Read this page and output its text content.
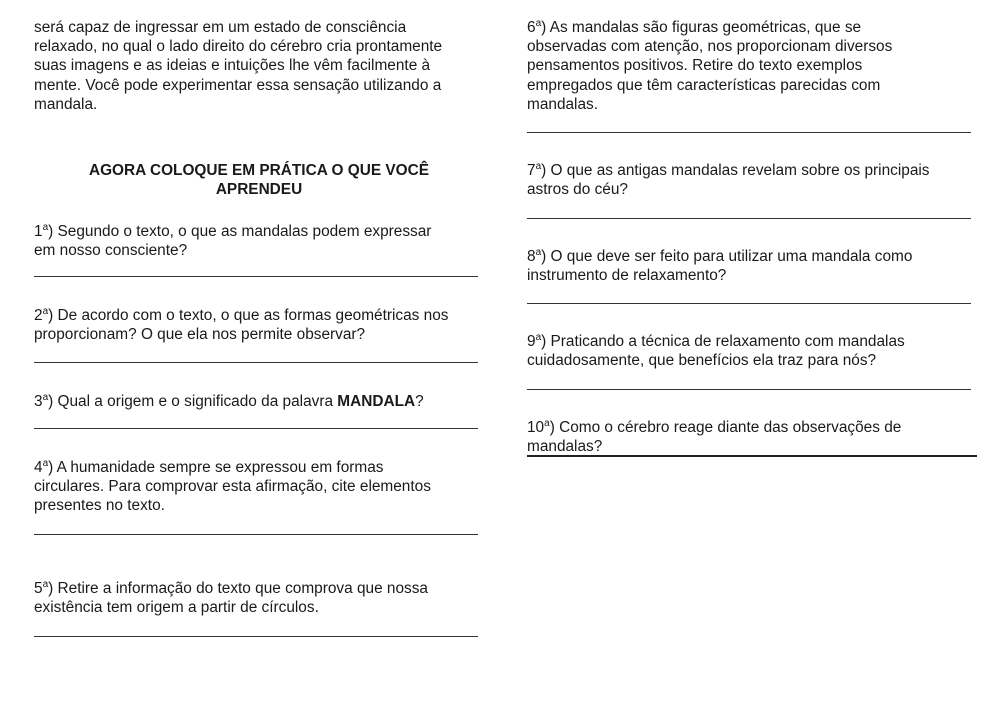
será capaz de ingressar em um estado de consciência
relaxado, no qual o lado direito do cérebro cria prontamente
suas imagens e as ideias e intuições lhe vêm facilmente à
mente. Você pode experimentar essa sensação utilizando a
mandala.

AGORA COLOQUE EM PRÁTICA O QUE VOCÊ
APRENDEU

1$^a$) Segundo o texto, o que as mandalas podem expressar
em nosso consciente?

2$^a$) De acordo com o texto, o que as formas geométricas nos
proporcionam? O que ela nos permite observar?

3$^a$) Qual a origem e o significado da palavra MANDALA?

4$^a$) A humanidade sempre se expressou em formas
circulares. Para comprovar esta afirmação, cite elementos
presentes no texto.

5$^a$) Retire a informação do texto que comprova que nossa
existência tem origem a partir de círculos.

6$^a$) As mandalas são figuras geométricas, que se
observadas com atenção, nos proporcionam diversos
pensamentos positivos. Retire do texto exemplos
empregados que têm características parecidas com
mandalas.

7$^a$) O que as antigas mandalas revelam sobre os principais
astros do céu?

8$^a$) O que deve ser feito para utilizar uma mandala como
instrumento de relaxamento?

9$^a$) Praticando a técnica de relaxamento com mandalas
cuidadosamente, que benefícios ela traz para nós?

10$^a$) Como o cérebro reage diante das observações de
mandalas?
